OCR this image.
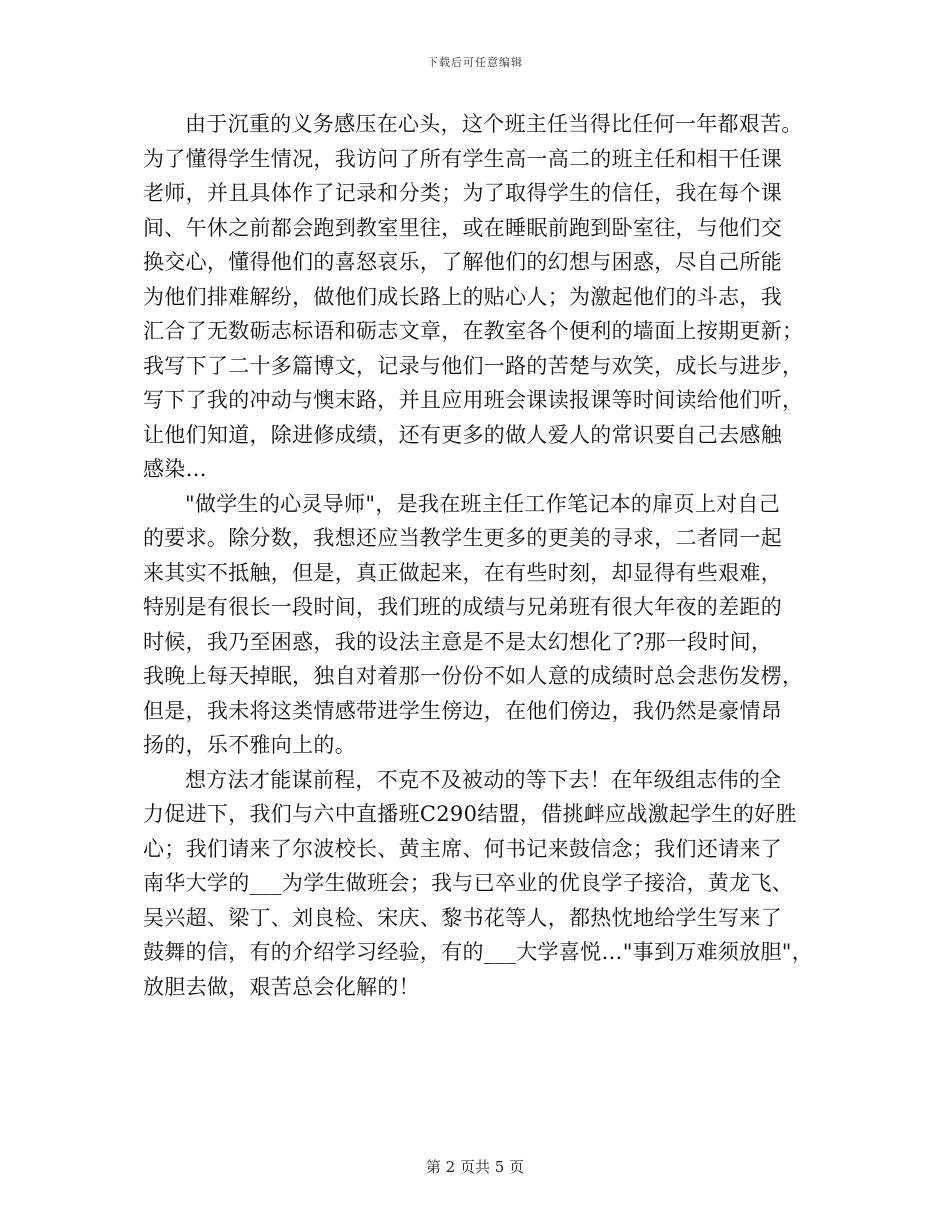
下载后可任意编辑

由于沉重的义务感压在心头，这个班主任当得比任何一年都艰苦。
为了懂得学生情况，我访问了所有学生高一高二的班主任和相干任课
老师，并且具体作了记录和分类；为了取得学生的信任，我在每个课
间、午休之前都会跑到教室里往，或在睡眠前跑到卧室往，与他们交
换交心，懂得他们的喜怒哀乐，了解他们的幻想与困惑，尽自己所能
为他们排难解纷，做他们成长路上的贴心人；为激起他们的斗志，我
汇合了无数砺志标语和砺志文章，在教室各个便利的墙面上按期更新；
我写下了二十多篇博文，记录与他们一路的苦楚与欢笑，成长与进步，
写下了我的冲动与懊末路，并且应用班会课读报课等时间读给他们听，
让他们知道，除进修成绩，还有更多的做人爱人的常识要自己去感触
感染…

"做学生的心灵导师"，是我在班主任工作笔记本的扉页上对自己
的要求。除分数，我想还应当教学生更多的更美的寻求，二者同一起
来其实不抵触，但是，真正做起来，在有些时刻，却显得有些艰难，
特别是有很长一段时间，我们班的成绩与兄弟班有很大年夜的差距的
时候，我乃至困惑，我的设法主意是不是太幻想化了?那一段时间，
我晚上每天掉眠，独自对着那一份份不如人意的成绩时总会悲伤发楞，
但是，我未将这类情感带进学生傍边，在他们傍边，我仍然是豪情昂
扬的，乐不雅向上的。

想方法才能谋前程，不克不及被动的等下去！在年级组志伟的全
力促进下，我们与六中直播班C290结盟，借挑衅应战激起学生的好胜
心；我们请来了尔波校长、黄主席、何书记来鼓信念；我们还请来了
南华大学的___为学生做班会；我与已卒业的优良学子接洽，黄龙飞、
吴兴超、梁丁、刘良检、宋庆、黎书花等人，都热忱地给学生写来了
鼓舞的信，有的介绍学习经验，有的___大学喜悦…"事到万难须放胆"，
放胆去做，艰苦总会化解的！

第 2 页共 5 页
